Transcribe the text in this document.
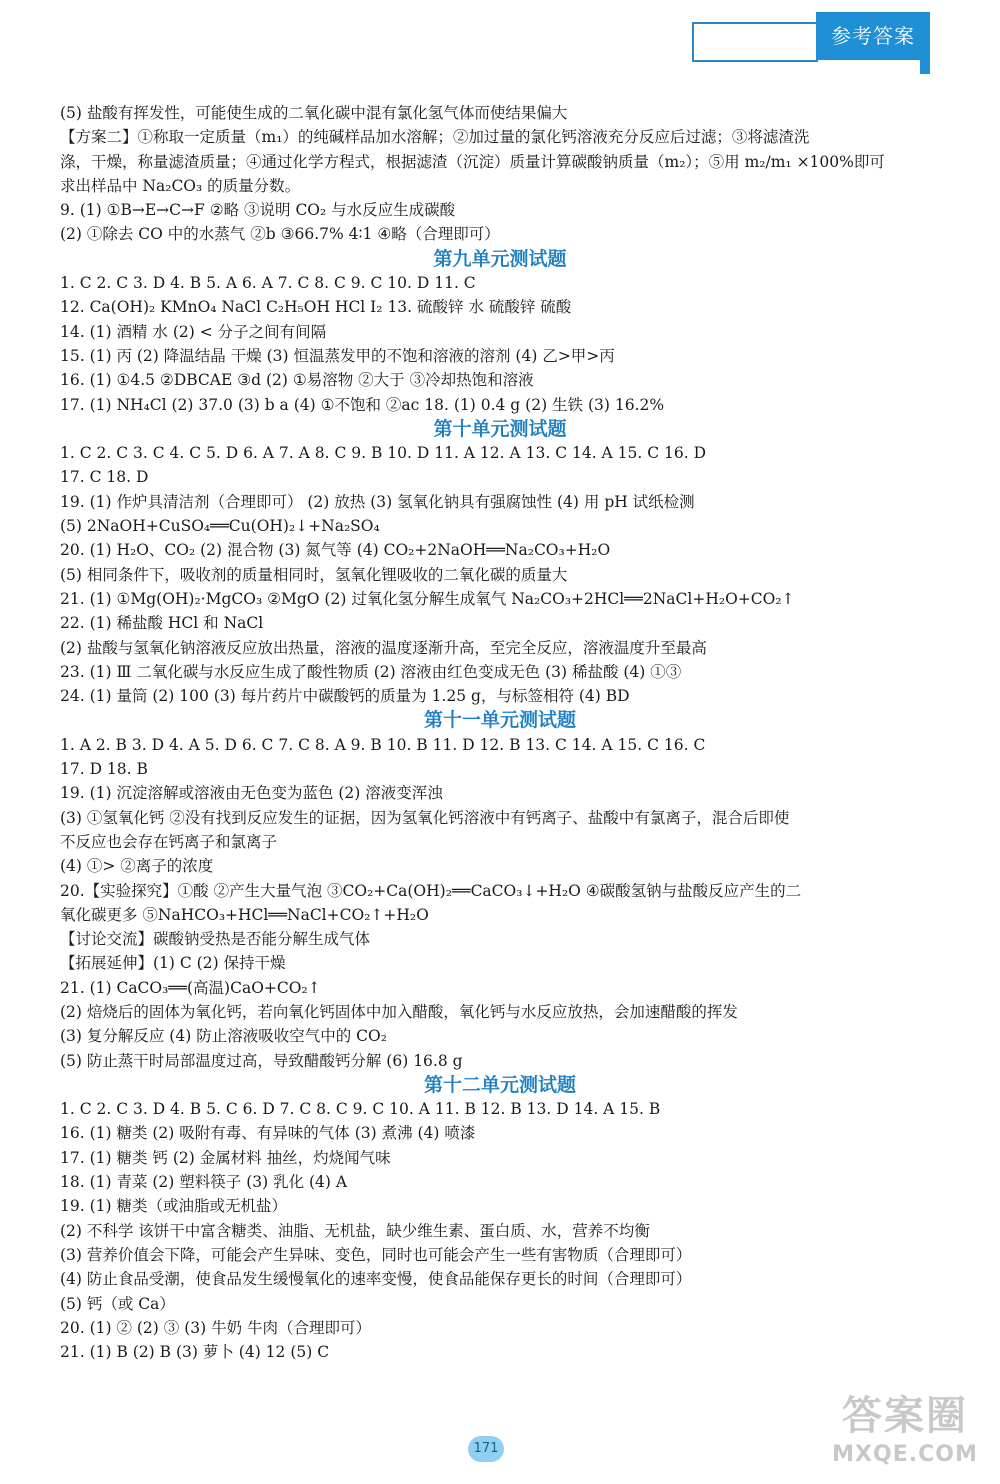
参考答案
(5) 盐酸有挥发性，可能使生成的二氧化碳中混有氯化氢气体而使结果偏大
【方案二】①称取一定质量（m₁）的纯碱样品加水溶解；②加过量的氯化钙溶液充分反应后过滤；③将滤渣洗
涤，干燥，称量滤渣质量；④通过化学方程式，根据滤渣（沉淀）质量计算碳酸钠质量（m₂）；⑤用 m₂/m₁ ×100%即可
求出样品中 Na₂CO₃ 的质量分数。
9. (1) ①B→E→C→F ②略 ③说明 CO₂ 与水反应生成碳酸
(2) ①除去 CO 中的水蒸气 ②b ③66.7% 4∶1 ④略（合理即可）
第九单元测试题
1. C 2. C 3. D 4. B 5. A 6. A 7. C 8. C 9. C 10. D 11. C
12. Ca(OH)₂ KMnO₄ NaCl C₂H₅OH HCl I₂ 13. 硫酸锌 水 硫酸锌 硫酸
14. (1) 酒精 水 (2) < 分子之间有间隔
15. (1) 丙 (2) 降温结晶 干燥 (3) 恒温蒸发甲的不饱和溶液的溶剂 (4) 乙>甲>丙
16. (1) ①4.5 ②DBCAE ③d (2) ①易溶物 ②大于 ③冷却热饱和溶液
17. (1) NH₄Cl (2) 37.0 (3) b a (4) ①不饱和 ②ac 18. (1) 0.4 g (2) 生铁 (3) 16.2%
第十单元测试题
1. C 2. C 3. C 4. C 5. D 6. A 7. A 8. C 9. B 10. D 11. A 12. A 13. C 14. A 15. C 16. D
17. C 18. D
19. (1) 作炉具清洁剂（合理即可） (2) 放热 (3) 氢氧化钠具有强腐蚀性 (4) 用 pH 试纸检测
(5) 2NaOH+CuSO₄══Cu(OH)₂↓+Na₂SO₄
20. (1) H₂O、CO₂ (2) 混合物 (3) 氮气等 (4) CO₂+2NaOH══Na₂CO₃+H₂O
(5) 相同条件下，吸收剂的质量相同时，氢氧化锂吸收的二氧化碳的质量大
21. (1) ①Mg(OH)₂·MgCO₃ ②MgO (2) 过氧化氢分解生成氧气 Na₂CO₃+2HCl══2NaCl+H₂O+CO₂↑
22. (1) 稀盐酸 HCl 和 NaCl
(2) 盐酸与氢氧化钠溶液反应放出热量，溶液的温度逐渐升高，至完全反应，溶液温度升至最高
23. (1) Ⅲ 二氧化碳与水反应生成了酸性物质 (2) 溶液由红色变成无色 (3) 稀盐酸 (4) ①③
24. (1) 量筒 (2) 100 (3) 每片药片中碳酸钙的质量为 1.25 g，与标签相符 (4) BD
第十一单元测试题
1. A 2. B 3. D 4. A 5. D 6. C 7. C 8. A 9. B 10. B 11. D 12. B 13. C 14. A 15. C 16. C
17. D 18. B
19. (1) 沉淀溶解或溶液由无色变为蓝色 (2) 溶液变浑浊
(3) ①氢氧化钙 ②没有找到反应发生的证据，因为氢氧化钙溶液中有钙离子、盐酸中有氯离子，混合后即使
不反应也会存在钙离子和氯离子
(4) ①> ②离子的浓度
20.【实验探究】①酸 ②产生大量气泡 ③CO₂+Ca(OH)₂══CaCO₃↓+H₂O ④碳酸氢钠与盐酸反应产生的二
氧化碳更多 ⑤NaHCO₃+HCl══NaCl+CO₂↑+H₂O
【讨论交流】碳酸钠受热是否能分解生成气体
【拓展延伸】(1) C (2) 保持干燥
21. (1) CaCO₃══(高温)CaO+CO₂↑
(2) 焙烧后的固体为氧化钙，若向氧化钙固体中加入醋酸，氧化钙与水反应放热，会加速醋酸的挥发
(3) 复分解反应 (4) 防止溶液吸收空气中的 CO₂
(5) 防止蒸干时局部温度过高，导致醋酸钙分解 (6) 16.8 g
第十二单元测试题
1. C 2. C 3. D 4. B 5. C 6. D 7. C 8. C 9. C 10. A 11. B 12. B 13. D 14. A 15. B
16. (1) 糖类 (2) 吸附有毒、有异味的气体 (3) 煮沸 (4) 喷漆
17. (1) 糖类 钙 (2) 金属材料 抽丝，灼烧闻气味
18. (1) 青菜 (2) 塑料筷子 (3) 乳化 (4) A
19. (1) 糖类（或油脂或无机盐）
(2) 不科学 该饼干中富含糖类、油脂、无机盐，缺少维生素、蛋白质、水，营养不均衡
(3) 营养价值会下降，可能会产生异味、变色，同时也可能会产生一些有害物质（合理即可）
(4) 防止食品受潮，使食品发生缓慢氧化的速率变慢，使食品能保存更长的时间（合理即可）
(5) 钙（或 Ca）
20. (1) ② (2) ③ (3) 牛奶 牛肉（合理即可）
21. (1) B (2) B (3) 萝卜 (4) 12 (5) C
171
答案圈
MXQE.COM
